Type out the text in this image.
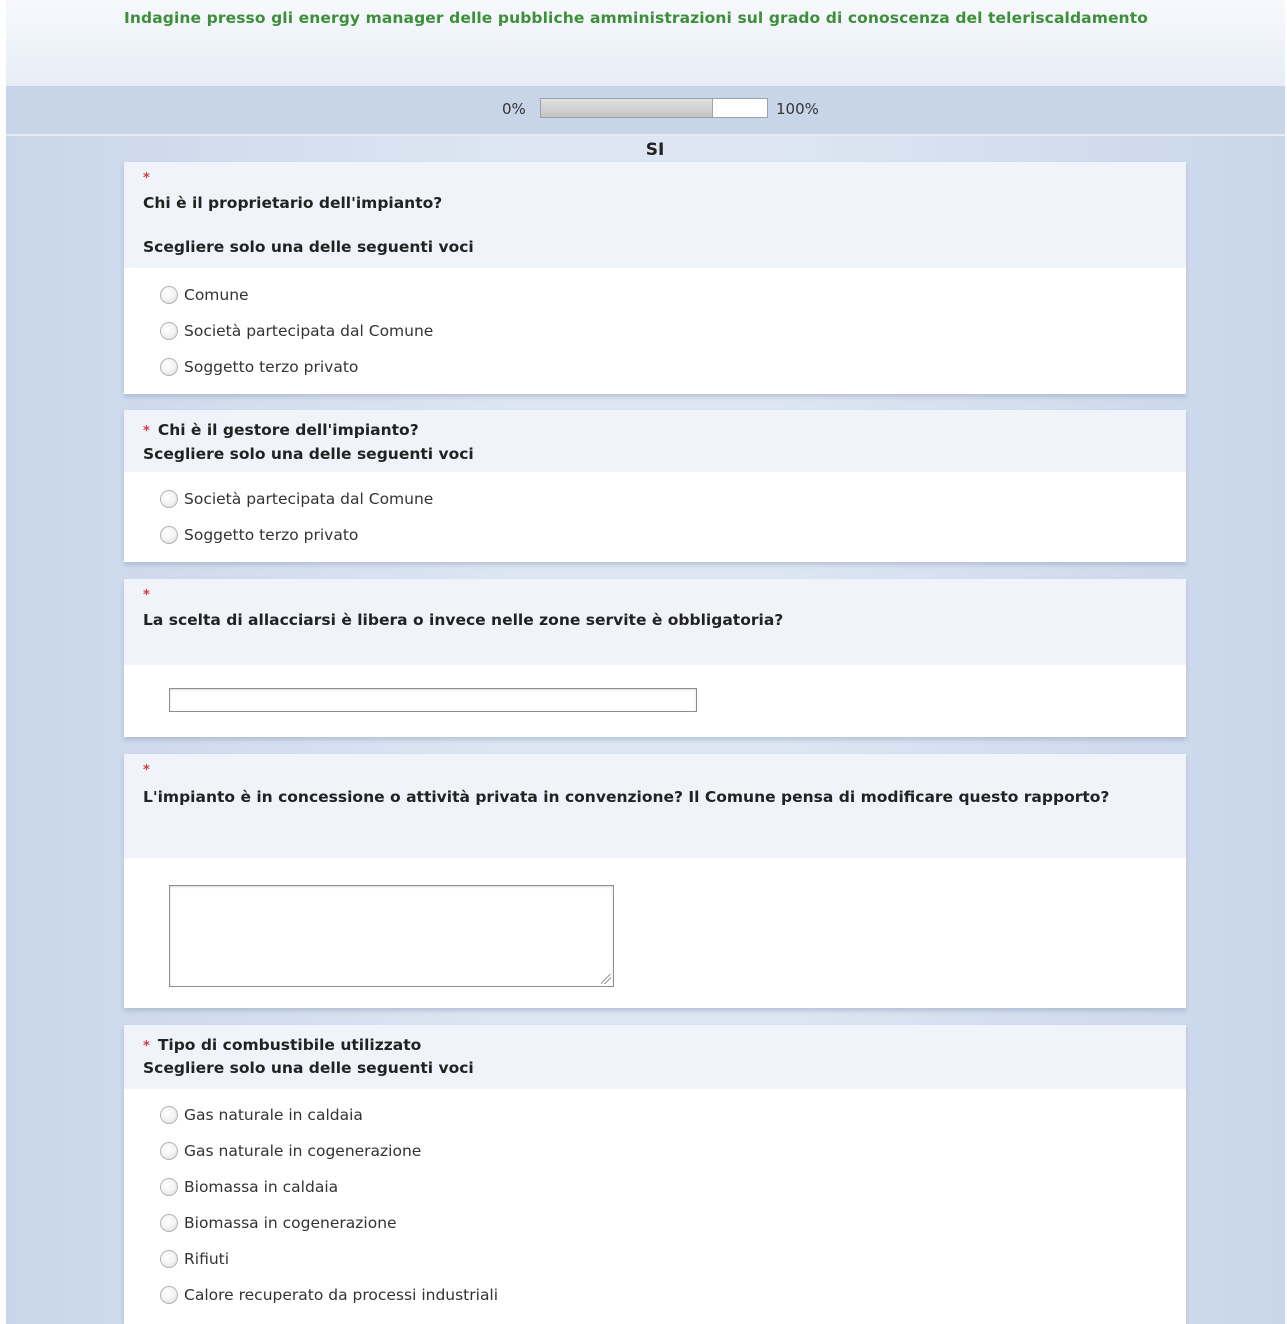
Indagine presso gli energy manager delle pubbliche amministrazioni sul grado di conoscenza del teleriscaldamento
0%	100%
SI
*
Chi è il proprietario dell'impianto?
Scegliere solo una delle seguenti voci
Comune
Società partecipata dal Comune
Soggetto terzo privato
* Chi è il gestore dell'impianto?
Scegliere solo una delle seguenti voci
Società partecipata dal Comune
Soggetto terzo privato
*
La scelta di allacciarsi è libera o invece nelle zone servite è obbligatoria?
*
L'impianto è in concessione o attività privata in convenzione? Il Comune pensa di modificare questo rapporto?
* Tipo di combustibile utilizzato
Scegliere solo una delle seguenti voci
Gas naturale in caldaia
Gas naturale in cogenerazione
Biomassa in caldaia
Biomassa in cogenerazione
Rifiuti
Calore recuperato da processi industriali
